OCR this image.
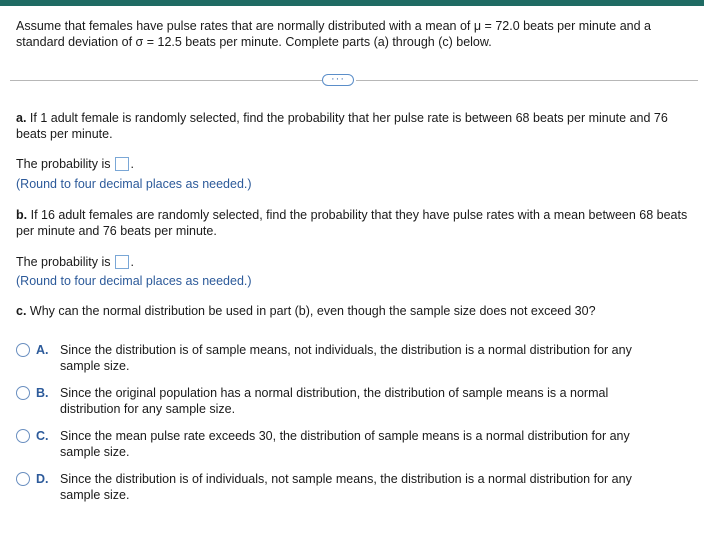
Assume that females have pulse rates that are normally distributed with a mean of μ = 72.0 beats per minute and a standard deviation of σ = 12.5 beats per minute. Complete parts (a) through (c) below.
···
a. If 1 adult female is randomly selected, find the probability that her pulse rate is between 68 beats per minute and 76 beats per minute.
The probability is .
(Round to four decimal places as needed.)
b. If 16 adult females are randomly selected, find the probability that they have pulse rates with a mean between 68 beats per minute and 76 beats per minute.
The probability is .
(Round to four decimal places as needed.)
c. Why can the normal distribution be used in part (b), even though the sample size does not exceed 30?
A. Since the distribution is of sample means, not individuals, the distribution is a normal distribution for any sample size.
B. Since the original population has a normal distribution, the distribution of sample means is a normal distribution for any sample size.
C. Since the mean pulse rate exceeds 30, the distribution of sample means is a normal distribution for any sample size.
D. Since the distribution is of individuals, not sample means, the distribution is a normal distribution for any sample size.
